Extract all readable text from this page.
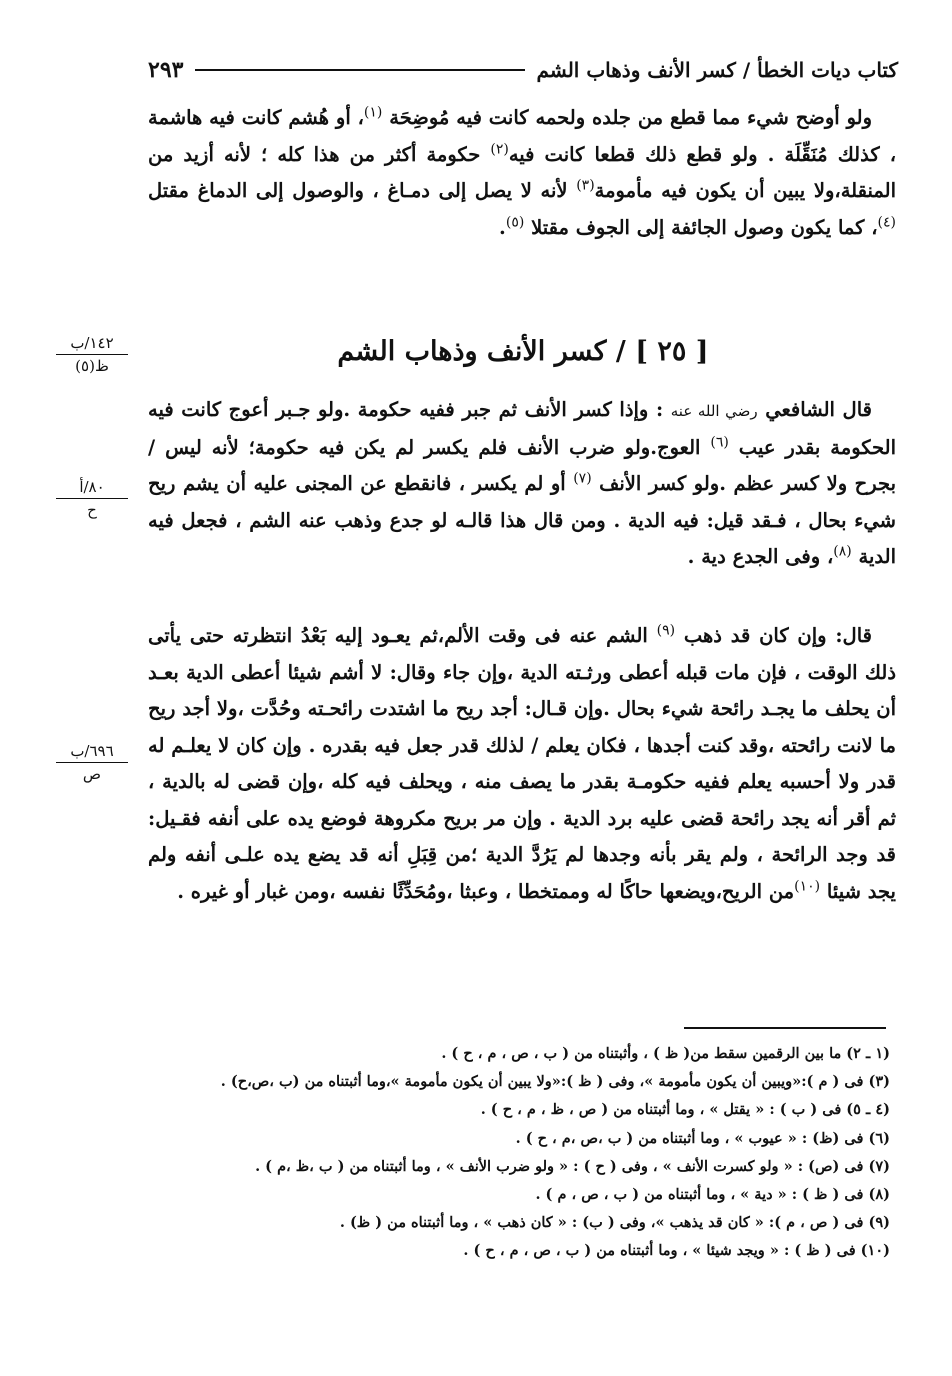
كتاب ديات الخطأ / كسر الأنف وذهاب الشم
٢٩٣

ولو أوضح شيء مما قطع من جلده ولحمه كانت فيه مُوضِحَة $^{(١)}$، أو هُشم كانت فيه هاشمة ، كذلك مُنَقِّلَة . ولو قطع ذلك قطعا كانت فيه$^{(٢)}$ حكومة أكثر من هذا كله ؛ لأنه أزيد من المنقلة،ولا يبين أن يكون فيه مأمومة$^{(٣)}$ لأنه لا يصل إلى دمـاغ ، والوصول إلى الدماغ مقتل $^{(٤)}$، كما يكون وصول الجائفة إلى الجوف مقتلا $^{(٥)}$.

[ ٢٥ ] / كسر الأنف وذهاب الشم
١٤٢/ب
ظ(٥)

قال الشافعي رضي الله عنه : وإذا كسر الأنف ثم جبر ففيه حكومة .ولو جـبر أعوج كانت فيه الحكومة بقدر عيب $^{(٦)}$ العوج.ولو ضرب الأنف فلم يكسر لم يكن فيه حكومة؛ لأنه ليس / بجرح ولا كسر عظم .ولو كسر الأنف $^{(٧)}$ أو لم يكسر ، فانقطع عن المجنى عليه أن يشم ريح شيء بحال ، فـقد قيل: فيه الدية . ومن قال هذا قالـه لو جدع وذهب عنه الشم ، فجعل فيه الدية $^{(٨)}$، وفى الجدع دية .

٨٠/أ
ح

قال: وإن كان قد ذهب $^{(٩)}$ الشم عنه فى وقت الألم،ثم يعـود إليه بَعْدُ انتظرته حتى يأتى ذلك الوقت ، فإن مات قبله أعطى ورثـته الدية ،وإن جاء وقال: لا أشم شيئا أعطى الدية بعـد أن يحلف ما يجـد رائحة شيء بحال .وإن قـال: أجد ريح ما اشتدت رائحـته وحُدَّت ،ولا أجد ريح ما لانت رائحته ،وقد كنت أجدها ، فكان يعلم / لذلك قدر جعل فيه بقدره . وإن كان لا يعلـم له قدر ولا أحسبه يعلم ففيه حكومـة بقدر ما يصف منه ، ويحلف فيه كله ،وإن قضى له بالدية ، ثم أقر أنه يجد رائحة قضى عليه برد الدية . وإن مر بريح مكروهة فوضع يده على أنفه فقـيل: قد وجد الرائحة ، ولم يقر بأنه وجدها لم يَرُدَّ الدية ؛من قِبَلِ أنه قد يضع يده علـى أنفه ولم يجد شيئا $^{(١٠)}$من الريح،ويضعها حاكًا له وممتخطا ، وعبثا ،ومُحَدِّثًا نفسه ،ومن غبار أو غيره .

٦٩٦/ب
ص
(١ ـ ٢) ما بين الرقمين سقط من( ظ ) ، وأثبتناه من ( ب ، ص ، م ، ح ) .
(٣) فى ( م ):«ويبين أن يكون مأمومة »، وفى ( ظ ):«ولا يبين أن يكون مأمومة »،وما أثبتناه من (ب ،ص،ح) .
(٤ ـ ٥) فى ( ب ) : « يقتل » ، وما أثبتناه من ( ص ، ظ ، م ، ح ) .
(٦) فى (ظ) : « عيوب » ، وما أثبتناه من ( ب ،ص ،م ، ح ) .
(٧) فى (ص) : « ولو كسرت الأنف » ، وفى ( ح ) : « ولو ضرب الأنف » ، وما أثبتناه من ( ب ،ظ ،م ) .
(٨) فى ( ظ ) : « دية » ، وما أثبتناه من ( ب ، ص ، م ) .
(٩) فى ( ص ، م ): « كان قد يذهب »، وفى ( ب) : « كان ذهب » ، وما أثبتناه من ( ظ) .
(١٠) فى ( ظ ) : « ويجد شيئا » ، وما أثبتناه من ( ب ، ص ، م ، ح ) .
